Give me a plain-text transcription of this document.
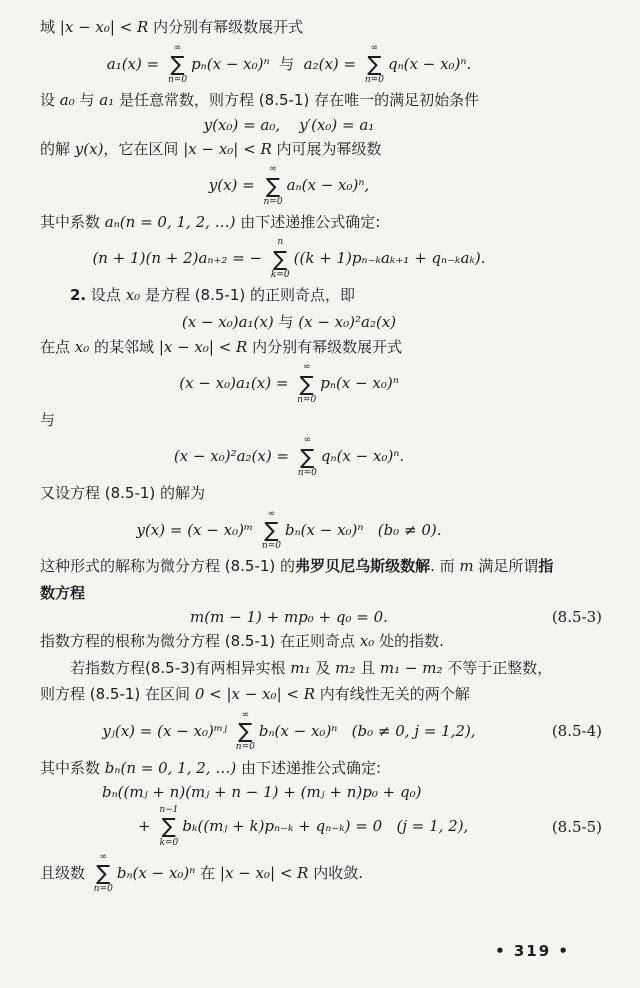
域 |x − x₀| < R 内分别有幂级数展开式
a₁(x) =
∞
∑
n=0
pₙ(x − x₀)ⁿ  与  a₂(x) =
∞
∑
n=0
qₙ(x − x₀)ⁿ.
设 a₀ 与 a₁ 是任意常数，则方程 (8.5-1) 存在唯一的满足初始条件
y(x₀) = a₀,    y′(x₀) = a₁
的解 y(x)，它在区间 |x − x₀| < R 内可展为幂级数
y(x) =
∞
∑
n=0
aₙ(x − x₀)ⁿ,
其中系数 aₙ(n = 0, 1, 2, …) 由下述递推公式确定:
(n + 1)(n + 2)aₙ₊₂ = −
n
∑
k=0
((k + 1)pₙ₋ₖaₖ₊₁ + qₙ₋ₖaₖ).
2. 设点 x₀ 是方程 (8.5-1) 的正则奇点，即
(x − x₀)a₁(x) 与 (x − x₀)²a₂(x)
在点 x₀ 的某邻域 |x − x₀| < R 内分别有幂级数展开式
(x − x₀)a₁(x) =
∞
∑
n=0
pₙ(x − x₀)ⁿ
与
(x − x₀)²a₂(x) =
∞
∑
n=0
qₙ(x − x₀)ⁿ.
又设方程 (8.5-1) 的解为
y(x) = (x − x₀)ᵐ
∞
∑
n=0
bₙ(x − x₀)ⁿ   (b₀ ≠ 0).
这种形式的解称为微分方程 (8.5-1) 的弗罗贝尼乌斯级数解. 而 m 满足所谓指
数方程
m(m − 1) + mp₀ + q₀ = 0.	(8.5-3)
指数方程的根称为微分方程 (8.5-1) 在正则奇点 x₀ 处的指数.
若指数方程(8.5-3)有两相异实根 m₁ 及 m₂ 且 m₁ − m₂ 不等于正整数，
则方程 (8.5-1) 在区间 0 < |x − x₀| < R 内有线性无关的两个解
yⱼ(x) = (x − x₀)ᵐʲ
∞
∑
n=0
bₙ(x − x₀)ⁿ   (b₀ ≠ 0, j = 1,2),	(8.5-4)
其中系数 bₙ(n = 0, 1, 2, …) 由下述递推公式确定:
bₙ((mⱼ + n)(mⱼ + n − 1) + (mⱼ + n)p₀ + q₀)
+
n−1
∑
k=0
bₖ((mⱼ + k)pₙ₋ₖ + qₙ₋ₖ) = 0   (j = 1, 2),	(8.5-5)
且级数
∞
∑
n=0
bₙ(x − x₀)ⁿ 在 |x − x₀| < R 内收敛.
• 319 •
